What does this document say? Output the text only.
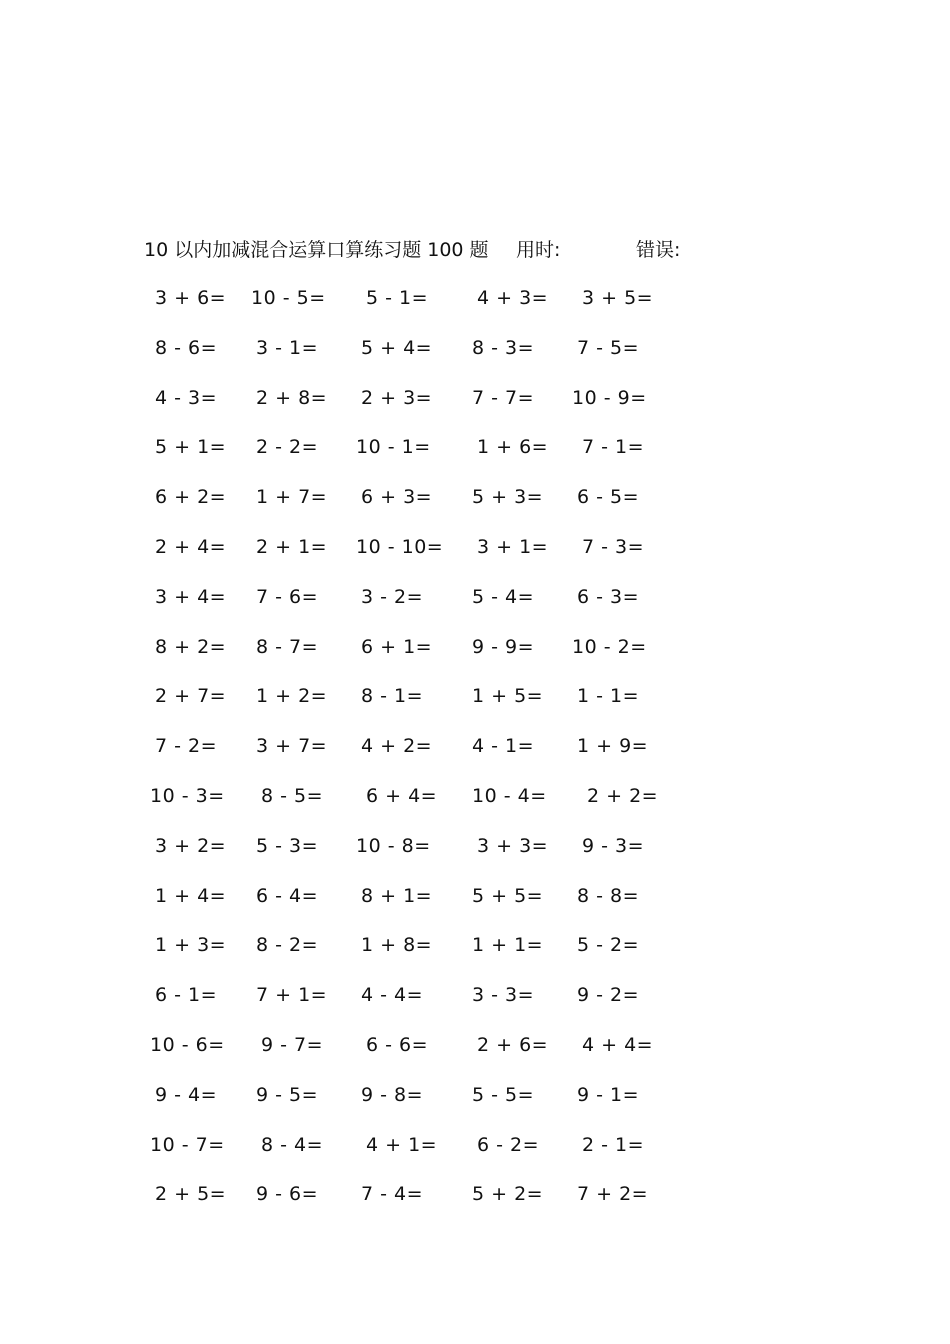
10 以内加减混合运算口算练习题 100 题 用时:	错误:
3 + 6= 10 - 5= 5 - 1=	4 + 3= 3 + 5=
8 - 6= 3 - 1= 5 + 4= 8 - 3= 7 - 5=
4 - 3= 2 + 8= 2 + 3= 7 - 7= 10 - 9=
5 + 1= 2 - 2= 10 - 1= 1 + 6= 7 - 1=
6 + 2= 1 + 7= 6 + 3= 5 + 3= 6 - 5=
2 + 4= 2 + 1= 10 - 10= 3 + 1= 7 - 3=
3 + 4= 7 - 6= 3 - 2=	5 - 4= 6 - 3=
8 + 2= 8 - 7= 6 + 1= 9 - 9= 10 - 2=
2 + 7= 1 + 2= 8 - 1=	1 + 5= 1 - 1=
7 - 2= 3 + 7= 4 + 2= 4 - 1= 1 + 9=
10 - 3= 8 - 5= 6 + 4= 10 - 4= 2 + 2=
3 + 2= 5 - 3= 10 - 8= 3 + 3= 9 - 3=
1 + 4= 6 - 4= 8 + 1= 5 + 5= 8 - 8=
1 + 3= 8 - 2= 1 + 8= 1 + 1= 5 - 2=
6 - 1= 7 + 1= 4 - 4=	3 - 3= 9 - 2=
10 - 6= 9 - 7= 6 - 6=	2 + 6= 4 + 4=
9 - 4= 9 - 5= 9 - 8=	5 - 5= 9 - 1=
10 - 7= 8 - 4= 4 + 1= 6 - 2= 2 - 1=
2 + 5= 9 - 6= 7 - 4=	5 + 2= 7 + 2=
